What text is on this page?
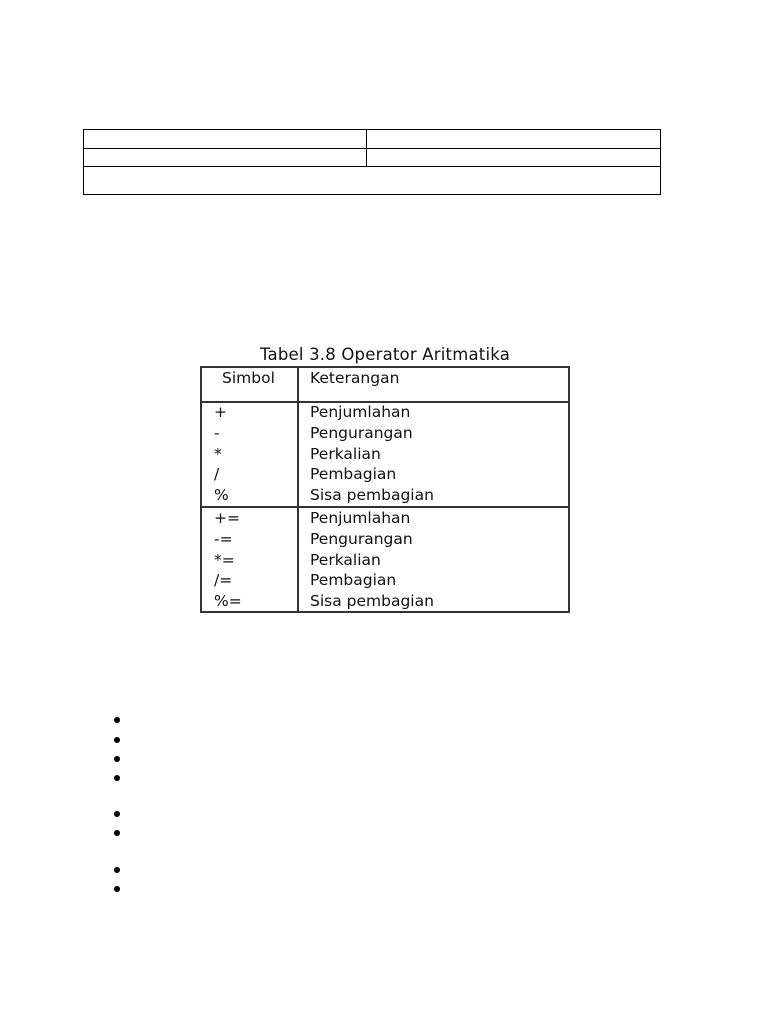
Tabel 3.8 Operator Aritmatika
Simbol Keterangan
+
-
*
/
%
Penjumlahan
Pengurangan
Perkalian
Pembagian
Sisa pembagian
+=
-=
*=
/=
%=
Penjumlahan
Pengurangan
Perkalian
Pembagian
Sisa pembagian
